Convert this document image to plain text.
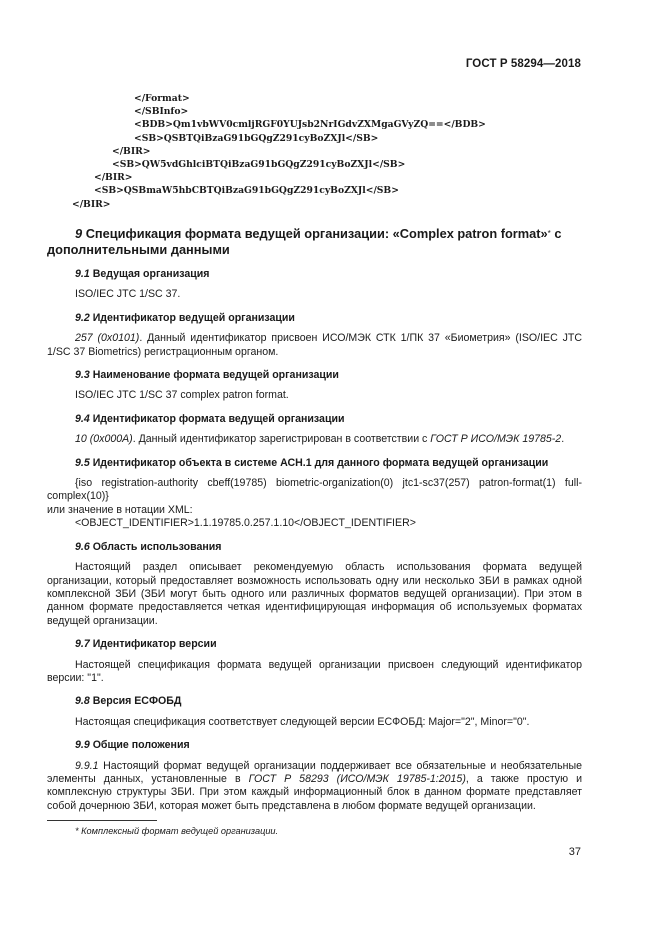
ГОСТ Р 58294—2018
</Format>
</SBInfo>
<BDB>Qm1vbWV0cmljRGF0YUJsb2NrIGdvZXMgaGVyZQ==</BDB>
<SB>QSBTQiBzaG91bGQgZ291cyBoZXJl</SB>
</BIR>
<SB>QW5vdGhlciBTQiBzaG91bGQgZ291cyBoZXJl</SB>
</BIR>
<SB>QSBmaW5hbCBTQiBzaG91bGQgZ291cyBoZXJl</SB>
</BIR>
9 Спецификация формата ведущей организации: «Complex patron format»* с дополнительными данными
9.1 Ведущая организация
ISO/IEC JTC 1/SC 37.
9.2 Идентификатор ведущей организации
257 (0x0101). Данный идентификатор присвоен ИСО/МЭК СТК 1/ПК 37 «Биометрия» (ISO/IEC JTC 1/SC 37 Biometrics) регистрационным органом.
9.3 Наименование формата ведущей организации
ISO/IEC JTC 1/SC 37 complex patron format.
9.4 Идентификатор формата ведущей организации
10 (0x000A). Данный идентификатор зарегистрирован в соответствии с ГОСТ Р ИСО/МЭК 19785-2.
9.5 Идентификатор объекта в системе АСН.1 для данного формата ведущей организации
{iso registration-authority cbeff(19785) biometric-organization(0) jtc1-sc37(257) patron-format(1) full-complex(10)}
или значение в нотации XML:
<OBJECT_IDENTIFIER>1.1.19785.0.257.1.10</OBJECT_IDENTIFIER>
9.6 Область использования
Настоящий раздел описывает рекомендуемую область использования формата ведущей организации, который предоставляет возможность использовать одну или несколько ЗБИ в рамках одной комплексной ЗБИ (ЗБИ могут быть одного или различных форматов ведущей организации). При этом в данном формате предоставляется четкая идентифицирующая информация об используемых форматах ведущей организации.
9.7 Идентификатор версии
Настоящей спецификация формата ведущей организации присвоен следующий идентификатор версии: "1".
9.8 Версия ЕСФОБД
Настоящая спецификация соответствует следующей версии ЕСФОБД: Major="2", Minor="0".
9.9 Общие положения
9.9.1 Настоящий формат ведущей организации поддерживает все обязательные и необязательные элементы данных, установленные в ГОСТ Р 58293 (ИСО/МЭК 19785-1:2015), а также простую и комплексную структуры ЗБИ. При этом каждый информационный блок в данном формате представляет собой дочернюю ЗБИ, которая может быть представлена в любом формате ведущей организации.
* Комплексный формат ведущей организации.
37
